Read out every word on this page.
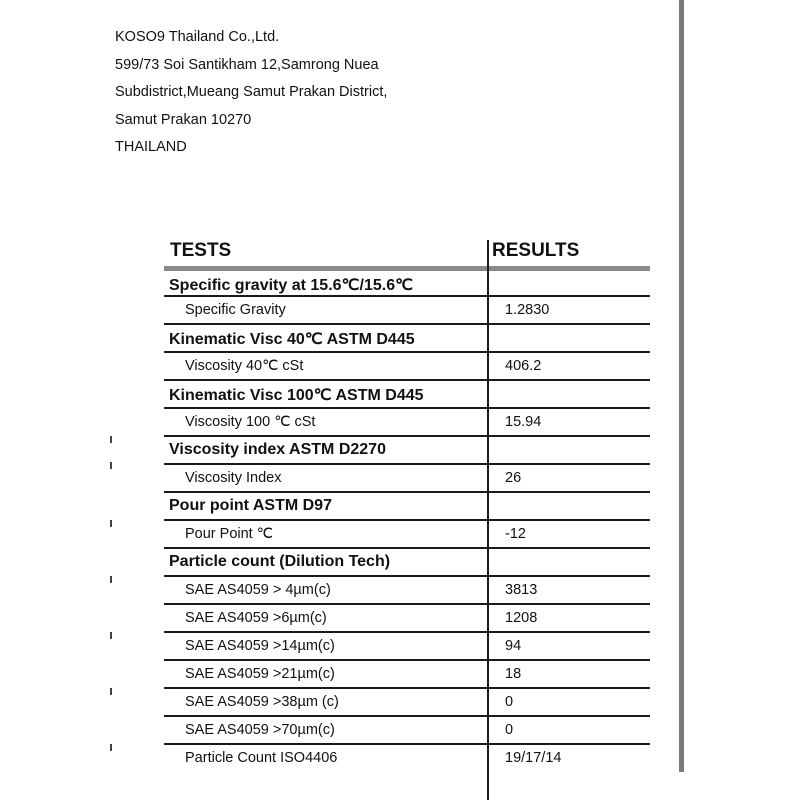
KOSO9 Thailand Co.,Ltd.
599/73 Soi Santikham 12,Samrong Nuea
Subdistrict,Mueang Samut Prakan District,
Samut Prakan 10270
THAILAND
TESTS	RESULTS
Specific gravity at 15.6℃/15.6℃
Specific Gravity	1.2830
Kinematic Visc 40℃ ASTM D445
Viscosity 40℃ cSt	406.2
Kinematic Visc 100℃ ASTM D445
Viscosity 100 ℃ cSt	15.94
Viscosity index ASTM D2270
Viscosity Index	26
Pour point ASTM D97
Pour Point ℃	-12
Particle count (Dilution Tech)
SAE AS4059 > 4µm(c)	3813
SAE AS4059 >6µm(c)	1208
SAE AS4059 >14µm(c)	94
SAE AS4059 >21µm(c)	18
SAE AS4059 >38µm (c)	0
SAE AS4059 >70µm(c)	0
Particle Count ISO4406	19/17/14
